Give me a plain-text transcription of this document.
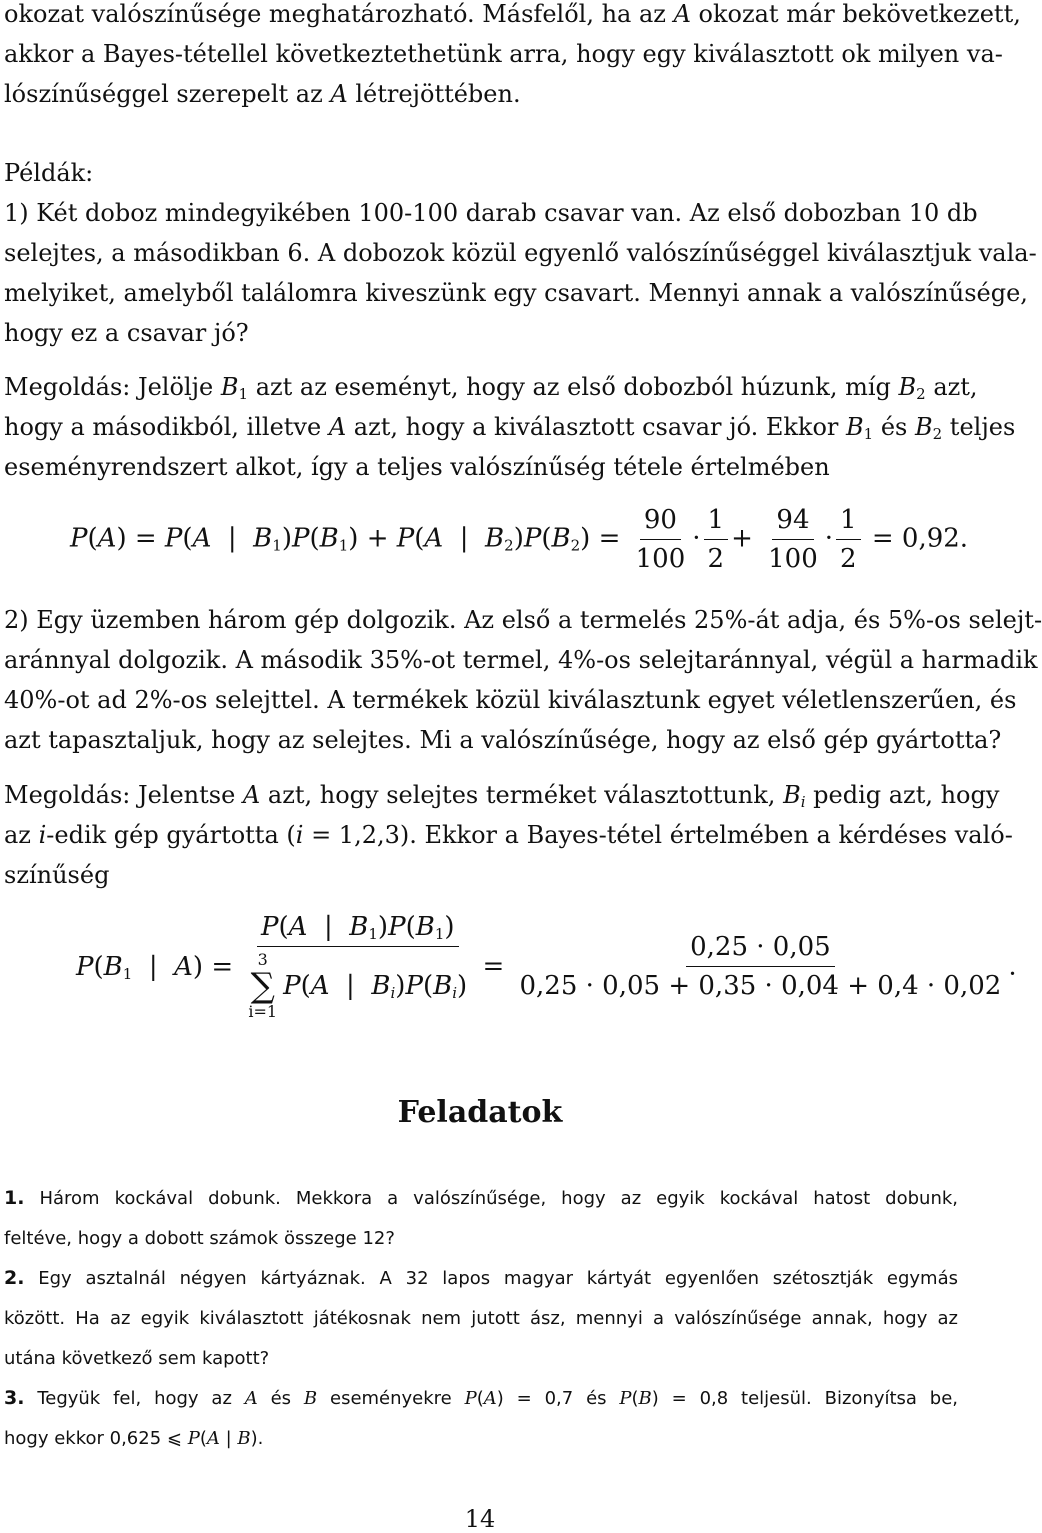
okozat valószínűsége meghatározható. Másfelől, ha az A okozat már bekövetkezett,
akkor a Bayes-tétellel következtethetünk arra, hogy egy kiválasztott ok milyen va-
lószínűséggel szerepelt az A létrejöttében.
Példák:
1) Két doboz mindegyikében 100-100 darab csavar van. Az első dobozban 10 db
selejtes, a másodikban 6. A dobozok közül egyenlő valószínűséggel kiválasztjuk vala-
melyiket, amelyből találomra kiveszünk egy csavart. Mennyi annak a valószínűsége,
hogy ez a csavar jó?
Megoldás: Jelölje $B_1$ azt az eseményt, hogy az első dobozból húzunk, míg $B_2$ azt,
hogy a másodikból, illetve A azt, hogy a kiválasztott csavar jó. Ekkor $B_1$ és $B_2$ teljes
eseményrendszert alkot, így a teljes valószínűség tétele értelmében
P(A) = P(A  |  $B_1)P(B_1) + P(A$  |  $B_2)P(B_2) = \frac{90}{100} \cdot \frac{1}{2} + \frac{94}{100} \cdot \frac{1}{2} = 0,92$.
2) Egy üzemben három gép dolgozik. Az első a termelés 25%-át adja, és 5%-os selejt-
aránnyal dolgozik. A második 35%-ot termel, 4%-os selejtaránnyal, végül a harmadik
40%-ot ad 2%-os selejttel. A termékek közül kiválasztunk egyet véletlenszerűen, és
azt tapasztaljuk, hogy az selejtes. Mi a valószínűsége, hogy az első gép gyártotta?
Megoldás: Jelentse A azt, hogy selejtes terméket választottunk, $B_i$ pedig azt, hogy
az i-edik gép gyártotta (i = 1,2,3). Ekkor a Bayes-tétel értelmében a kérdéses való-
színűség
$P(B_1$  |  A) = P(A  |  $B_1)P(B_1)$
3
∑
i=1
P(A  |  $B_i)P(B_i) = \frac{0,25 \cdot 0,05}{0,25 \cdot 0,05 + 0,35 \cdot 0,04 + 0,4 \cdot 0,02}$ .
Feladatok
1. Három kockával dobunk. Mekkora a valószínűsége, hogy az egyik kockával hatost dobunk,
feltéve, hogy a dobott számok összege 12?
2. Egy asztalnál négyen kártyáznak. A 32 lapos magyar kártyát egyenlően szétosztják egymás
között. Ha az egyik kiválasztott játékosnak nem jutott ász, mennyi a valószínűsége annak, hogy az
utána következő sem kapott?
3. Tegyük fel, hogy az A és B eseményekre P(A) = 0,7 és P(B) = 0,8 teljesül. Bizonyítsa be,
hogy ekkor 0,625 ⩽ P(A | B).
14
